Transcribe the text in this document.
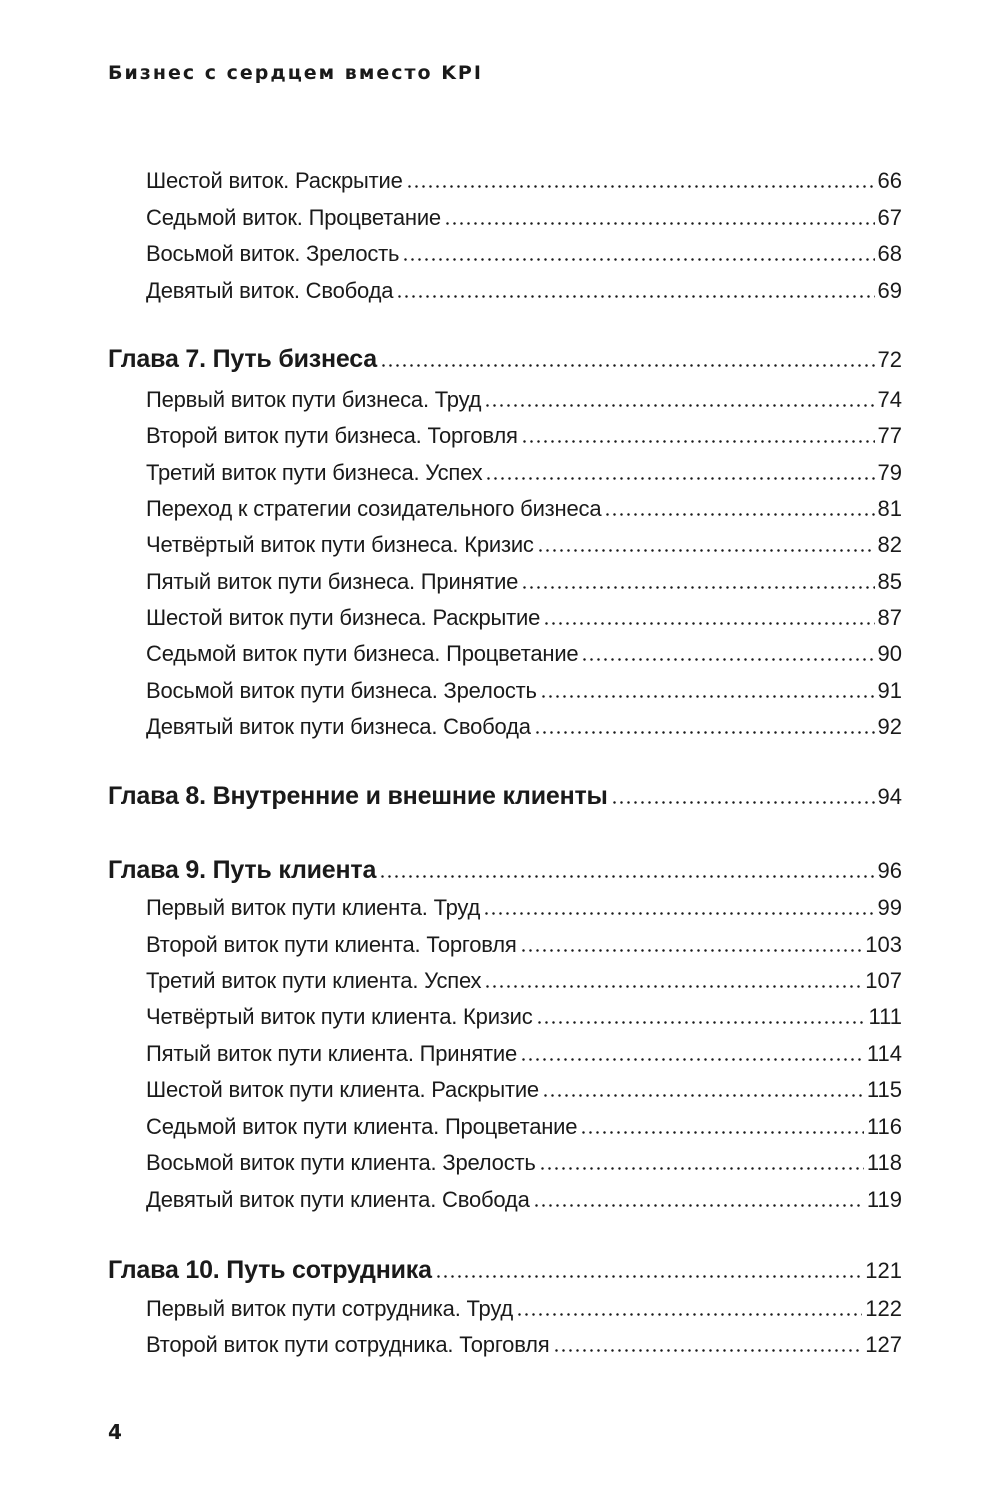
Бизнес с сердцем вместо KPI
Шестой виток. Раскрытие	66
Седьмой виток. Процветание	67
Восьмой виток. Зрелость	68
Девятый виток. Свобода	69
Глава 7. Путь бизнеса	72
Первый виток пути бизнеса. Труд	74
Второй виток пути бизнеса. Торговля	77
Третий виток пути бизнеса. Успех	79
Переход к стратегии созидательного бизнеса	81
Четвёртый виток пути бизнеса. Кризис	82
Пятый виток пути бизнеса. Принятие	85
Шестой виток пути бизнеса. Раскрытие	87
Седьмой виток пути бизнеса. Процветание	90
Восьмой виток пути бизнеса. Зрелость	91
Девятый виток пути бизнеса. Свобода	92
Глава 8. Внутренние и внешние клиенты	94
Глава 9. Путь клиента	96
Первый виток пути клиента. Труд	99
Второй виток пути клиента. Торговля	103
Третий виток пути клиента. Успех	107
Четвёртый виток пути клиента. Кризис	111
Пятый виток пути клиента. Принятие	114
Шестой виток пути клиента. Раскрытие	115
Седьмой виток пути клиента. Процветание	116
Восьмой виток пути клиента. Зрелость	118
Девятый виток пути клиента. Свобода	119
Глава 10. Путь сотрудника	121
Первый виток пути сотрудника. Труд	122
Второй виток пути сотрудника. Торговля	127
4
